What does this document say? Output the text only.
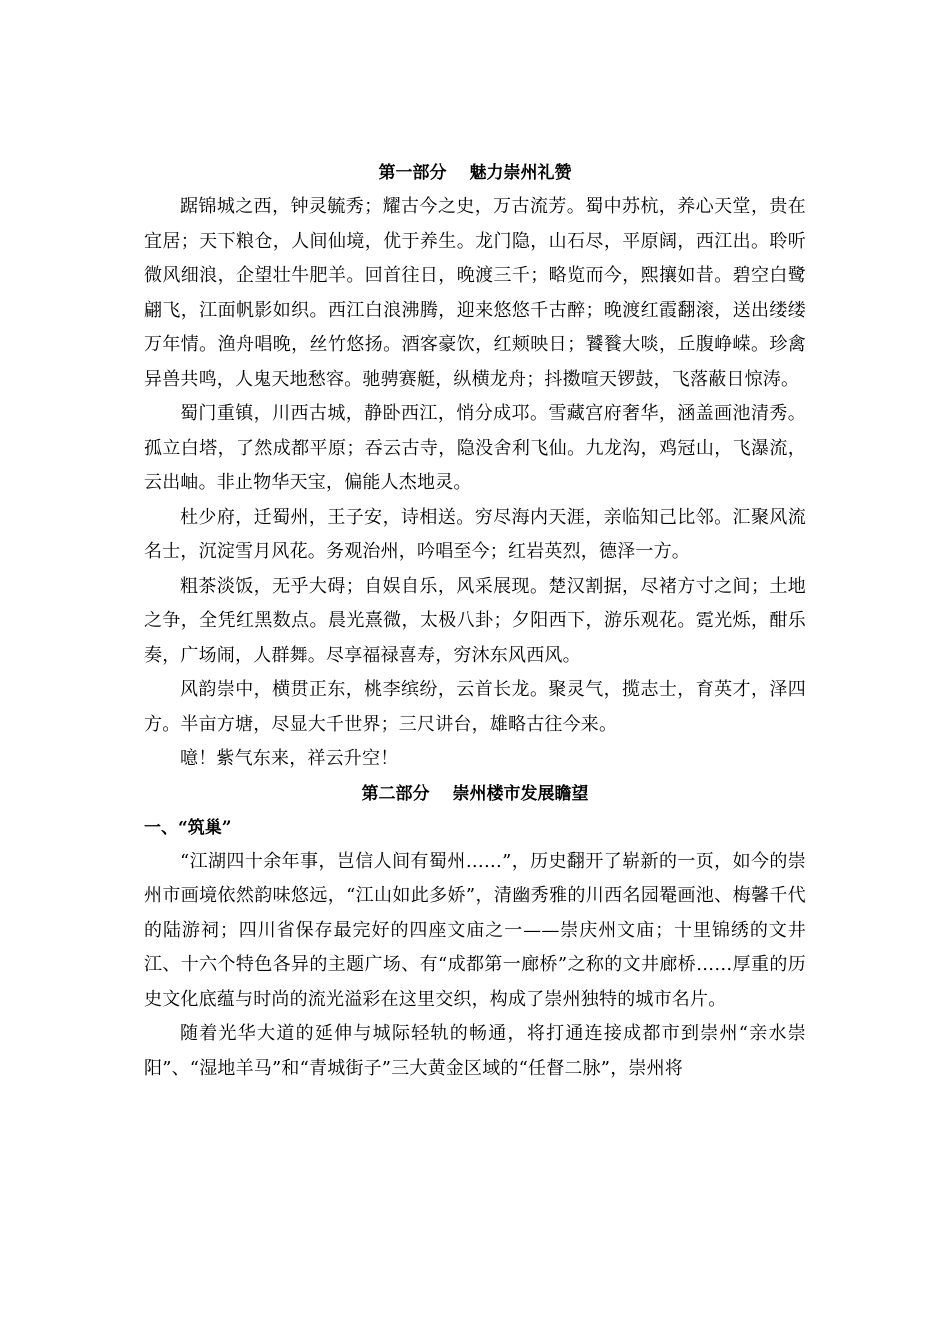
第一部分　 魅力崇州礼赞

踞锦城之西，钟灵毓秀；耀古今之史，万古流芳。蜀中苏杭，养心天堂，贵在宜居；天下粮仓，人间仙境，优于养生。龙门隐，山石尽，平原阔，西江出。聆听微风细浪，企望壮牛肥羊。回首往日，晚渡三千；略览而今，熙攘如昔。碧空白鹭翩飞，江面帆影如织。西江白浪沸腾，迎来悠悠千古醉；晚渡红霞翻滚，送出缕缕万年情。渔舟唱晚，丝竹悠扬。酒客豪饮，红颊映日；饕餮大啖，丘腹峥嵘。珍禽异兽共鸣，人鬼天地愁容。驰骋赛艇，纵横龙舟；抖擞喧天锣鼓，飞落蔽日惊涛。

蜀门重镇，川西古城，静卧西江，悄分成邛。雪藏宫府奢华，涵盖画池清秀。孤立白塔，了然成都平原；吞云古寺，隐没舍利飞仙。九龙沟，鸡冠山，飞瀑流，云出岫。非止物华天宝，偏能人杰地灵。

杜少府，迁蜀州，王子安，诗相送。穷尽海内天涯，亲临知己比邻。汇聚风流名士，沉淀雪月风花。务观治州，吟唱至今；红岩英烈，德泽一方。

粗茶淡饭，无乎大碍；自娱自乐，风采展现。楚汉割据，尽褚方寸之间；土地之争，全凭红黑数点。晨光熹微，太极八卦；夕阳西下，游乐观花。霓光烁，酣乐奏，广场闹，人群舞。尽享福禄喜寿，穷沐东风西风。

风韵崇中，横贯正东，桃李缤纷，云首长龙。聚灵气，揽志士，育英才，泽四方。半亩方塘，尽显大千世界；三尺讲台，雄略古往今来。

噫！紫气东来，祥云升空！

第二部分　 崇州楼市发展瞻望
一、“筑巢”

“江湖四十余年事，岂信人间有蜀州……”，历史翻开了崭新的一页，如今的崇州市画境依然韵味悠远，“江山如此多娇”，清幽秀雅的川西名园罨画池、梅馨千代的陆游祠；四川省保存最完好的四座文庙之一——崇庆州文庙；十里锦绣的文井江、十六个特色各异的主题广场、有“成都第一廊桥”之称的文井廊桥……厚重的历史文化底蕴与时尚的流光溢彩在这里交织，构成了崇州独特的城市名片。

随着光华大道的延伸与城际轻轨的畅通，将打通连接成都市到崇州“亲水崇阳”、“湿地羊马”和“青城街子”三大黄金区域的“任督二脉”，崇州将
